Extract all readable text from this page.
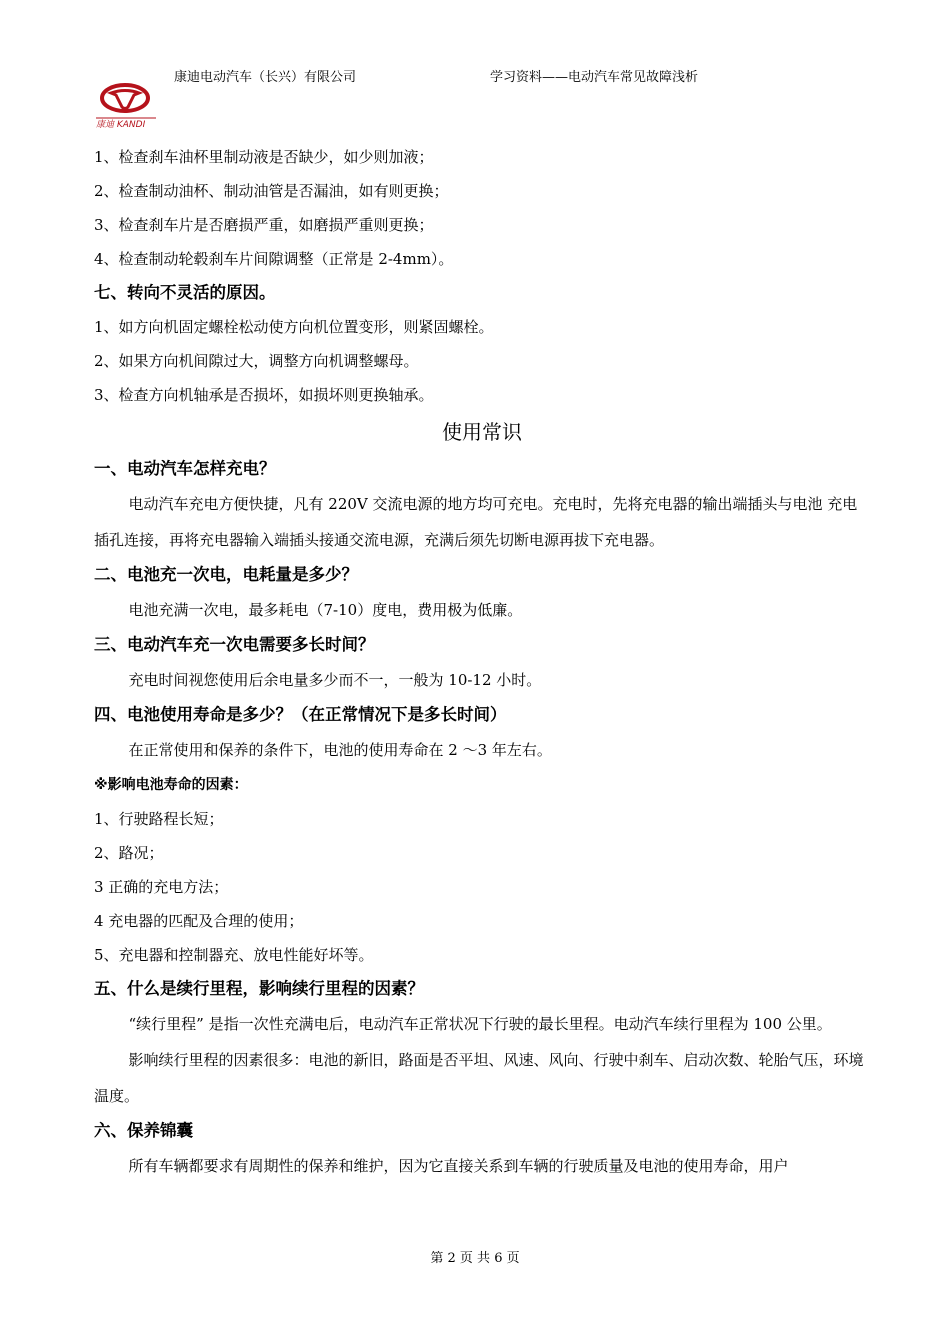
康迪电动汽车（长兴）有限公司	学习资料——电动汽车常见故障浅析
康迪 KANDI
1、检查刹车油杯里制动液是否缺少，如少则加液；
2、检查制动油杯、制动油管是否漏油，如有则更换；
3、检查刹车片是否磨损严重，如磨损严重则更换；
4、检查制动轮毂刹车片间隙调整（正常是 2-4mm）。
七、转向不灵活的原因。
1、如方向机固定螺栓松动使方向机位置变形，则紧固螺栓。
2、如果方向机间隙过大，调整方向机调整螺母。
3、检查方向机轴承是否损坏，如损坏则更换轴承。
使用常识
一、电动汽车怎样充电？

电动汽车充电方便快捷，凡有 220V 交流电源的地方均可充电。充电时，先将充电器的输出端插头与电池 充电插孔连接，再将充电器输入端插头接通交流电源，充满后须先切断电源再拔下充电器。

二、电池充一次电，电耗量是多少？

电池充满一次电，最多耗电（7-10）度电，费用极为低廉。

三、电动汽车充一次电需要多长时间？

充电时间视您使用后余电量多少而不一，一般为 10-12 小时。

四、电池使用寿命是多少？（在正常情况下是多长时间）

在正常使用和保养的条件下，电池的使用寿命在 2 ～3 年左右。

※影响电池寿命的因素：
1、行驶路程长短；
2、路况；
3 正确的充电方法；
4 充电器的匹配及合理的使用；
5、充电器和控制器充、放电性能好坏等。
五、什么是续行里程，影响续行里程的因素？

“续行里程” 是指一次性充满电后，电动汽车正常状况下行驶的最长里程。电动汽车续行里程为 100 公里。

影响续行里程的因素很多：电池的新旧，路面是否平坦、风速、风向、行驶中刹车、启动次数、轮胎气压，环境温度。

六、保养锦囊

所有车辆都要求有周期性的保养和维护，因为它直接关系到车辆的行驶质量及电池的使用寿命，用户

第 2 页 共 6 页
